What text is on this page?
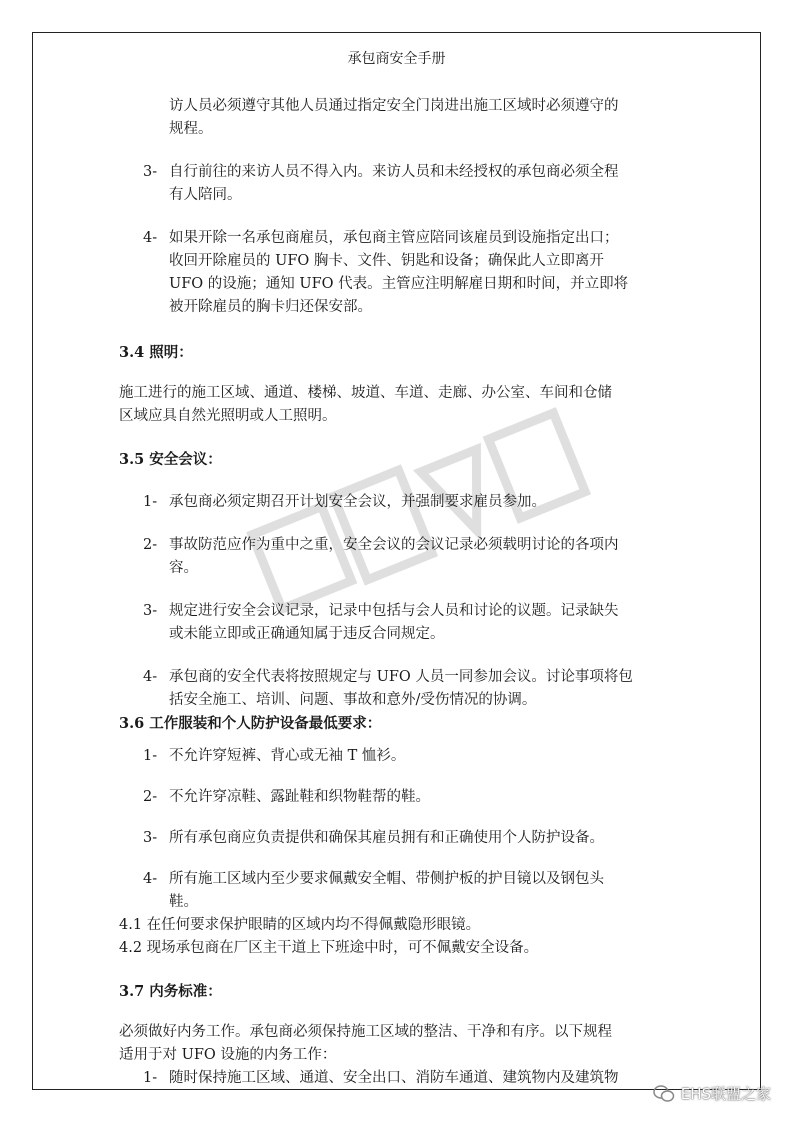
承包商安全手册
访人员必须遵守其他人员通过指定安全门岗进出施工区域时必须遵守的
规程。
3- 自行前往的来访人员不得入内。来访人员和未经授权的承包商必须全程
有人陪同。
4- 如果开除一名承包商雇员，承包商主管应陪同该雇员到设施指定出口；
收回开除雇员的 UFO 胸卡、文件、钥匙和设备；确保此人立即离开
UFO 的设施；通知 UFO 代表。主管应注明解雇日期和时间，并立即将
被开除雇员的胸卡归还保安部。
3.4 照明：
施工进行的施工区域、通道、楼梯、坡道、车道、走廊、办公室、车间和仓储
区域应具自然光照明或人工照明。
3.5 安全会议：
1- 承包商必须定期召开计划安全会议，并强制要求雇员参加。
2- 事故防范应作为重中之重，安全会议的会议记录必须载明讨论的各项内
容。
3- 规定进行安全会议记录，记录中包括与会人员和讨论的议题。记录缺失
或未能立即或正确通知属于违反合同规定。
4- 承包商的安全代表将按照规定与 UFO 人员一同参加会议。讨论事项将包
括安全施工、培训、问题、事故和意外/受伤情况的协调。
3.6 工作服装和个人防护设备最低要求：
1- 不允许穿短裤、背心或无袖 T 恤衫。
2- 不允许穿凉鞋、露趾鞋和织物鞋帮的鞋。
3- 所有承包商应负责提供和确保其雇员拥有和正确使用个人防护设备。
4- 所有施工区域内至少要求佩戴安全帽、带侧护板的护目镜以及钢包头
鞋。
4.1 在任何要求保护眼睛的区域内均不得佩戴隐形眼镜。
4.2 现场承包商在厂区主干道上下班途中时，可不佩戴安全设备。
3.7 内务标准：
必须做好内务工作。承包商必须保持施工区域的整洁、干净和有序。以下规程
适用于对 UFO 设施的内务工作：
1- 随时保持施工区域、通道、安全出口、消防车通道、建筑物内及建筑物
EHS联盟之家
